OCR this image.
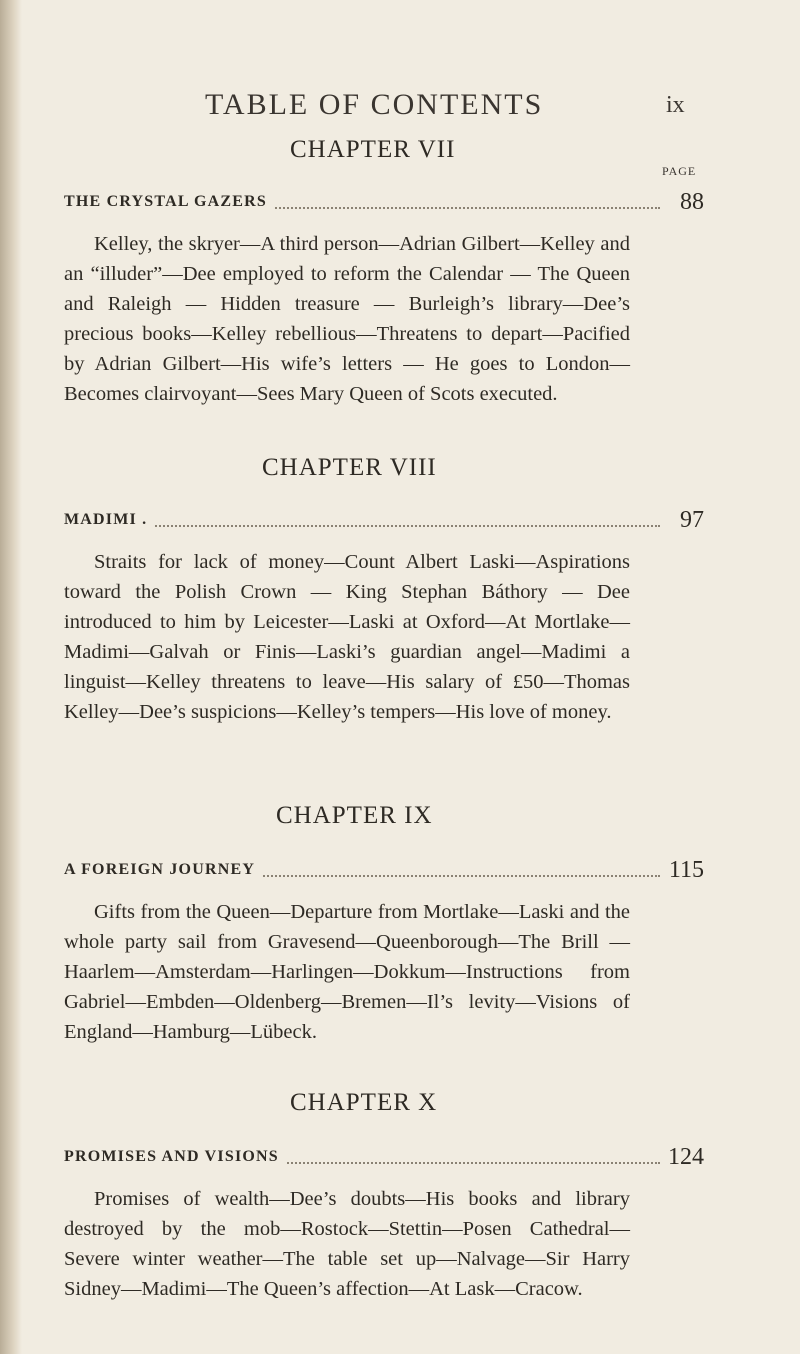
TABLE OF CONTENTS	ix
PAGE
CHAPTER VII
THE CRYSTAL GAZERS	88
Kelley, the skryer—A third person—Adrian Gilbert—Kelley and an “illuder”—Dee employed to reform the Calendar — The Queen and Raleigh — Hidden treasure — Burleigh’s library—Dee’s precious books—Kelley rebellious—Threatens to depart—Pacified by Adrian Gilbert—His wife’s letters — He goes to London—Becomes clairvoyant—Sees Mary Queen of Scots executed.
CHAPTER VIII
MADIMI .	97
Straits for lack of money—Count Albert Laski—Aspirations toward the Polish Crown — King Stephan Báthory — Dee introduced to him by Leicester—Laski at Oxford—At Mortlake—Madimi—Galvah or Finis—Laski’s guardian angel—Madimi a linguist—Kelley threatens to leave—His salary of £50—Thomas Kelley—Dee’s suspicions—Kelley’s tempers—His love of money.
CHAPTER IX
A FOREIGN JOURNEY	115
Gifts from the Queen—Departure from Mortlake—Laski and the whole party sail from Gravesend—Queenborough—The Brill — Haarlem—Amsterdam—Harlingen—Dokkum—Instructions from Gabriel—Embden—Oldenberg—Bremen—Il’s levity—Visions of England—Hamburg—Lübeck.
CHAPTER X
PROMISES AND VISIONS	124
Promises of wealth—Dee’s doubts—His books and library destroyed by the mob—Rostock—Stettin—Posen Cathedral—Severe winter weather—The table set up—Nalvage—Sir Harry Sidney—Madimi—The Queen’s affection—At Lask—Cracow.
